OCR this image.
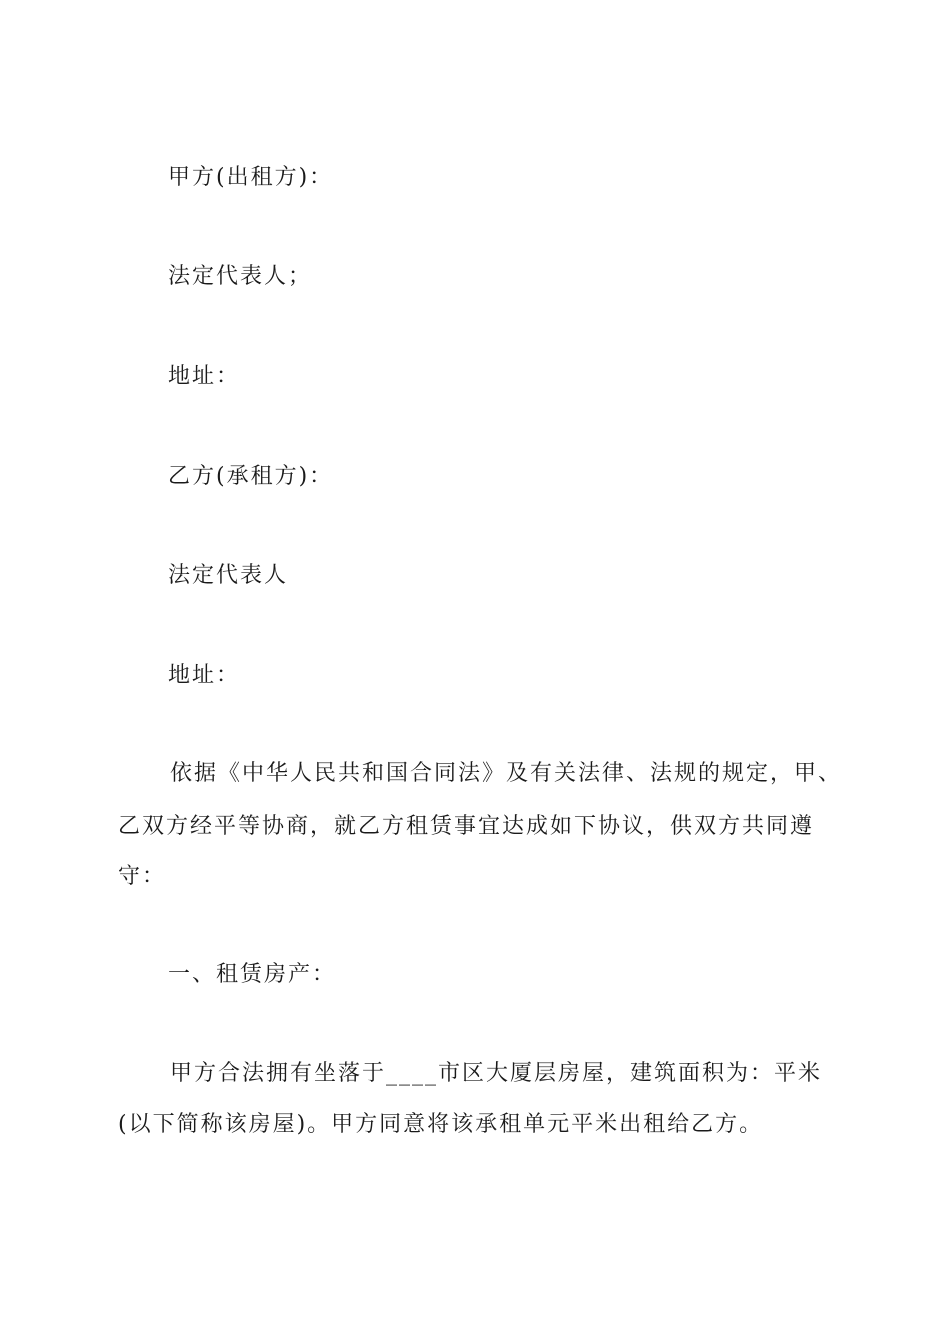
甲方(出租方)：
法定代表人；
地址：
乙方(承租方)：
法定代表人
地址：
依据《中华人民共和国合同法》及有关法律、法规的规定，甲、
乙双方经平等协商，就乙方租赁事宜达成如下协议，供双方共同遵
守：
一、租赁房产：
甲方合法拥有坐落于____市区大厦层房屋，建筑面积为：平米
(以下简称该房屋)。甲方同意将该承租单元平米出租给乙方。
